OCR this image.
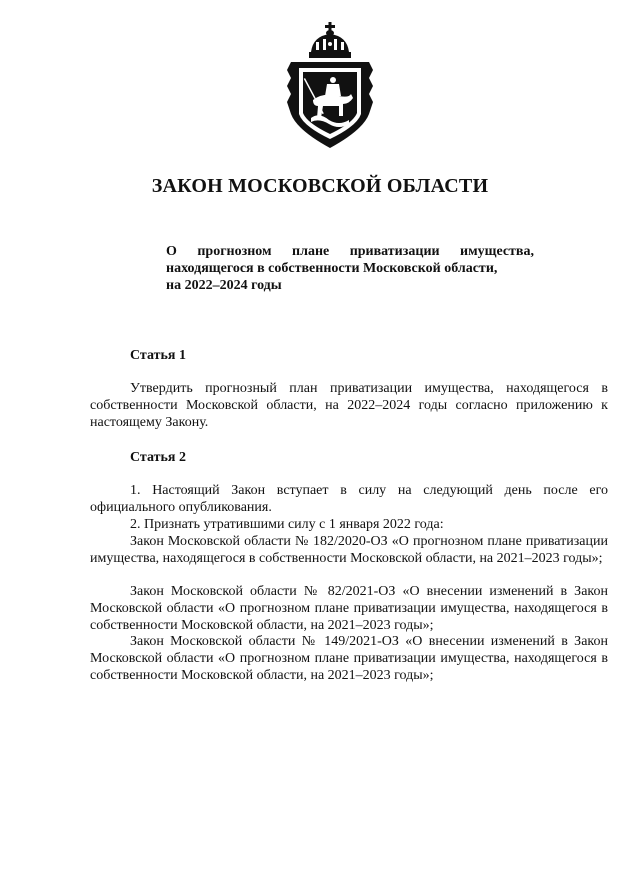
ЗАКОН МОСКОВСКОЙ ОБЛАСТИ
О прогнозном плане приватизации имущества,
находящегося в собственности Московской области,
на 2022–2024 годы
Статья 1
Утвердить прогнозный план приватизации имущества, находящегося в собственности Московской области, на 2022–2024 годы согласно приложению к настоящему Закону.
Статья 2
1. Настоящий Закон вступает в силу на следующий день после его официального опубликования.
2. Признать утратившими силу с 1 января 2022 года:
Закон Московской области № 182/2020-ОЗ «О прогнозном плане приватизации имущества, находящегося в собственности Московской области, на 2021–2023 годы»;
Закон Московской области № 82/2021-ОЗ «О внесении изменений в Закон Московской области «О прогнозном плане приватизации имущества, находящегося в собственности Московской области, на 2021–2023 годы»;
Закон Московской области № 149/2021-ОЗ «О внесении изменений в Закон Московской области «О прогнозном плане приватизации имущества, находящегося в собственности Московской области, на 2021–2023 годы»;
